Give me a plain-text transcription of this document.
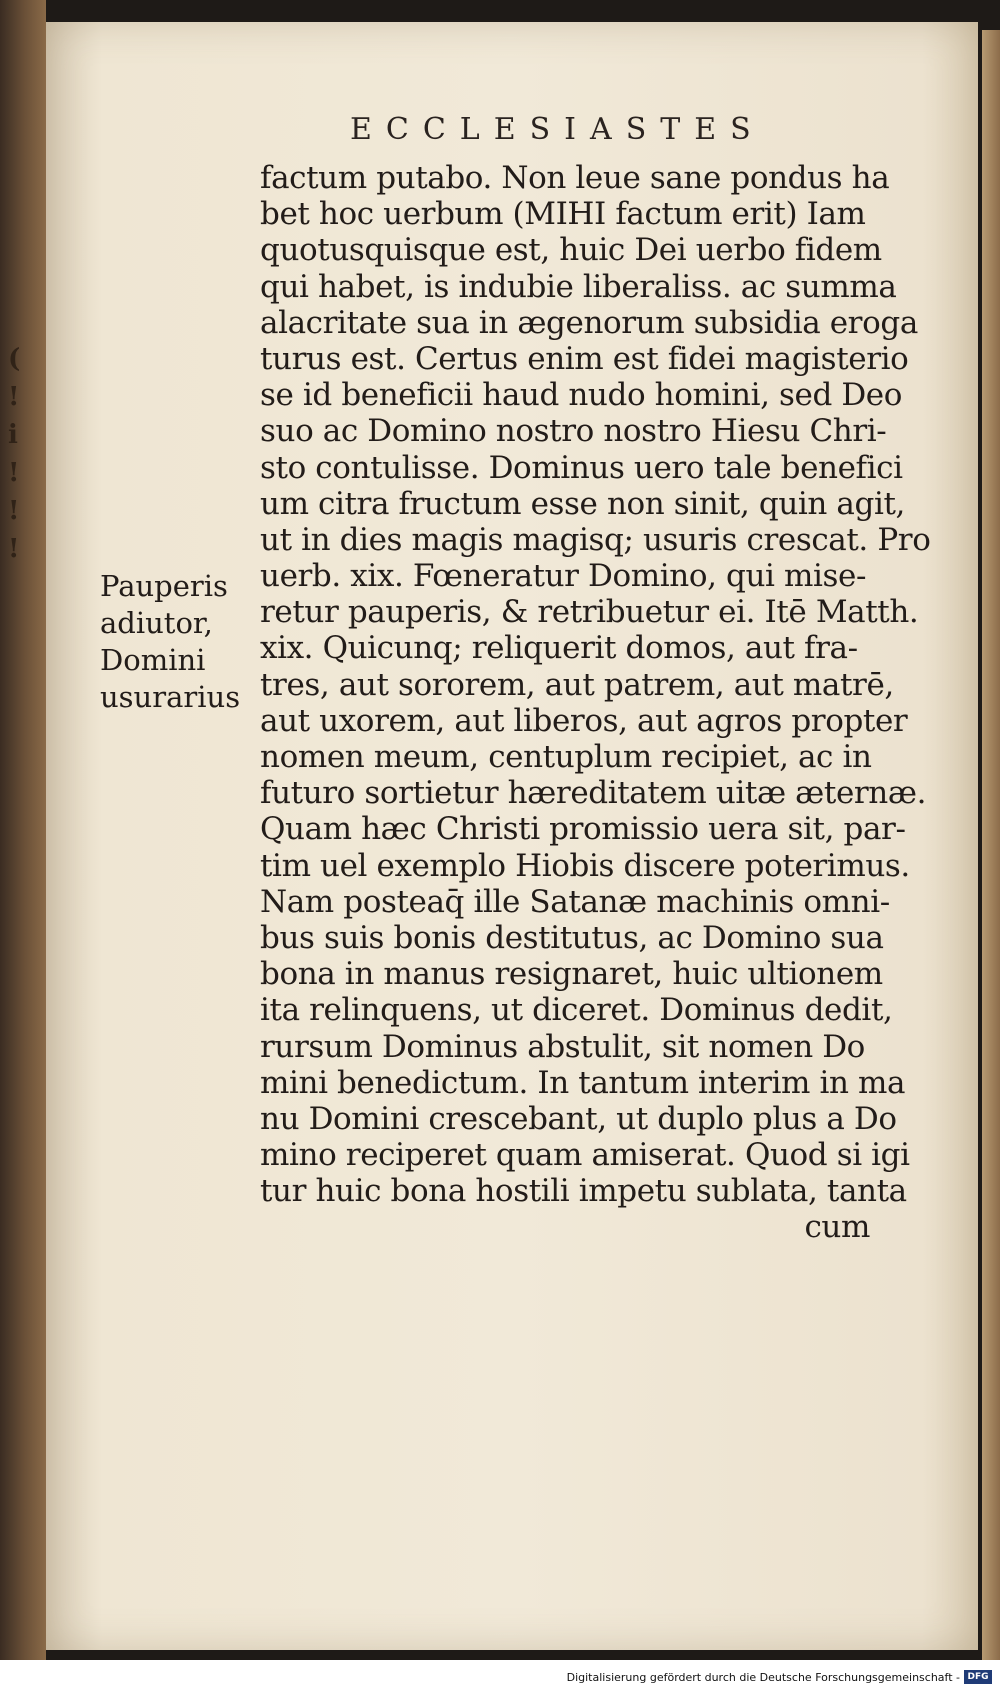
(
!
i
!
!
!
ECCLESIASTES
Pauperis
adiutor,
Domini
usurarius
factum putabo. Non leue sane pondus ha
bet hoc uerbum (MIHI factum erit) Iam
quotusquisque est, huic Dei uerbo fidem
qui habet, is indubie liberaliss. ac summa
alacritate sua in ægenorum subsidia eroga
turus est. Certus enim est fidei magisterio
se id beneficii haud nudo homini, sed Deo
suo ac Domino nostro nostro Hiesu Chri-
sto contulisse. Dominus uero tale benefici
um citra fructum esse non sinit, quin agit,
ut in dies magis magisq; usuris crescat. Pro
uerb. xix. Fœneratur Domino, qui mise-
retur pauperis, & retribuetur ei. Itē Matth.
xix. Quicunq; reliquerit domos, aut fra-
tres, aut sororem, aut patrem, aut matrē,
aut uxorem, aut liberos, aut agros propter
nomen meum, centuplum recipiet, ac in
futuro sortietur hæreditatem uitæ æternæ.
Quam hæc Christi promissio uera sit, par-
tim uel exemplo Hiobis discere poterimus.
Nam posteaq̄ ille Satanæ machinis omni-
bus suis bonis destitutus, ac Domino sua
bona in manus resignaret, huic ultionem
ita relinquens, ut diceret. Dominus dedit,
rursum Dominus abstulit, sit nomen Do
mini benedictum. In tantum interim in ma
nu Domini crescebant, ut duplo plus a Do
mino reciperet quam amiserat. Quod si igi
tur huic bona hostili impetu sublata, tanta
cum
Digitalisierung gefördert durch die Deutsche Forschungsgemeinschaft - DFG
